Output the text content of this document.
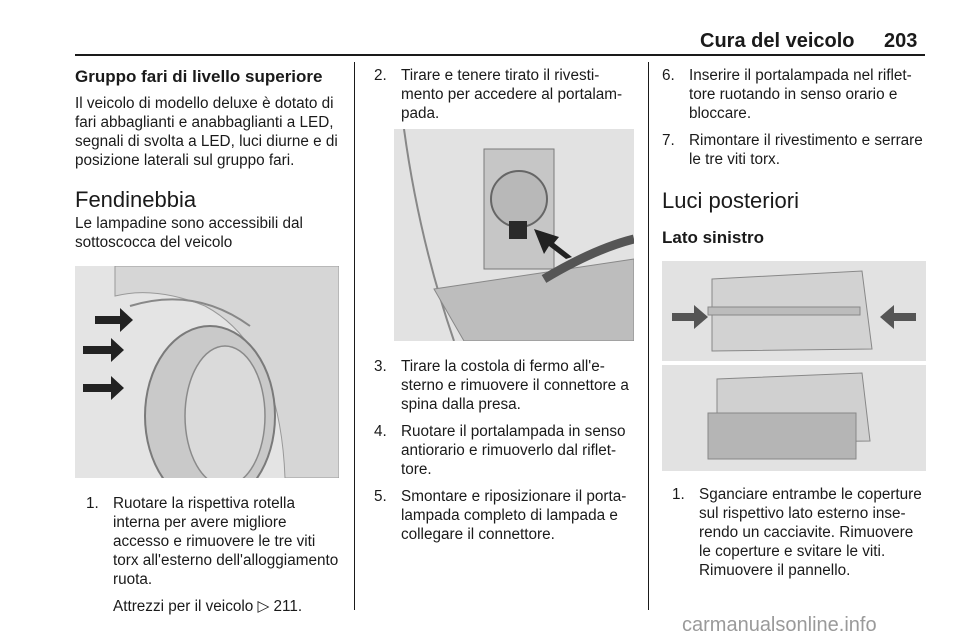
Cura del veicolo 203
Gruppo fari di livello superiore

Il veicolo di modello deluxe è dotato di fari abbaglianti e anabbaglianti a LED, segnali di svolta a LED, luci diurne e di posizione laterali sul gruppo fari.

Fendinebbia

Le lampadine sono accessibili dal sottoscocca del veicolo

1. Ruotare la rispettiva rotella interna per avere migliore accesso e rimuovere le tre viti torx all'esterno dell'alloggiamento ruota.

Attrezzi per il veicolo ▷ 211.

2. Tirare e tenere tirato il rivestimento per accedere al portalampada.
3. Tirare la costola di fermo all'esterno e rimuovere il connettore a spina dalla presa.
4. Ruotare il portalampada in senso antiorario e rimuoverlo dal riflettore.
5. Smontare e riposizionare il portalampada completo di lampada e collegare il connettore.
6. Inserire il portalampada nel riflettore ruotando in senso orario e bloccare.
7. Rimontare il rivestimento e serrare le tre viti torx.
Luci posteriori
Lato sinistro
1. Sganciare entrambe le coperture sul rispettivo lato esterno inserendo un cacciavite. Rimuovere le coperture e svitare le viti. Rimuovere il pannello.
carmanualsonline.info
